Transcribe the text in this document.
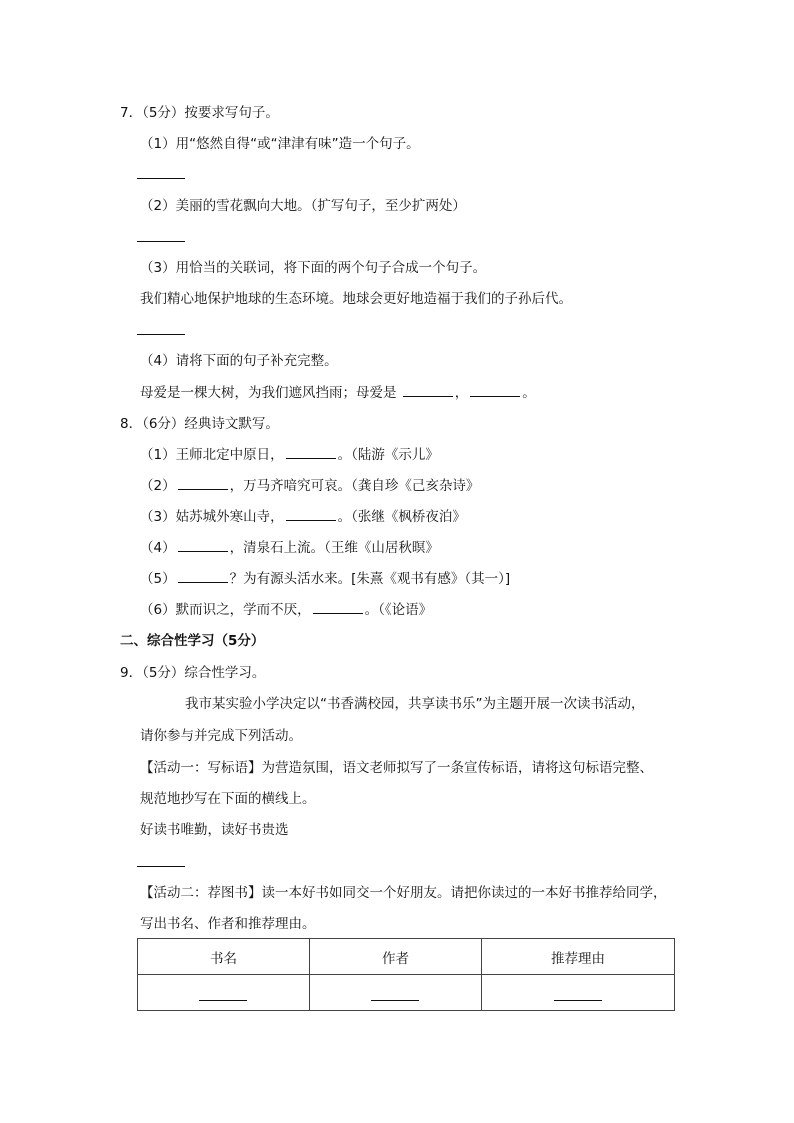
7．（5分）按要求写句子。
（1）用“悠然自得“或“津津有味”造一个句子。
（2）美丽的雪花飘向大地。（扩写句子，至少扩两处）
（3）用恰当的关联词，将下面的两个句子合成一个句子。
我们精心地保护地球的生态环境。地球会更好地造福于我们的子孙后代。
（4）请将下面的句子补充完整。
母爱是一棵大树，为我们遮风挡雨；母爱是	，	。
8．（6分）经典诗文默写。
（1）王师北定中原日，	。（陆游《示儿》
（2）	，万马齐喑究可哀。（龚自珍《己亥杂诗》
（3）姑苏城外寒山寺，	。（张继《枫桥夜泊》
（4）	，清泉石上流。（王维《山居秋暝》
（5）	？为有源头活水来。[朱熹《观书有感》（其一）]
（6）默而识之，学而不厌，	。（《论语》
二、综合性学习（5分）
9．（5分）综合性学习。
我市某实验小学决定以“书香满校园，共享读书乐”为主题开展一次读书活动，
请你参与并完成下列活动。
【活动一：写标语】为营造氛围，语文老师拟写了一条宣传标语，请将这句标语完整、
规范地抄写在下面的横线上。
好读书唯勤，读好书贵选
【活动二：荐图书】读一本好书如同交一个好朋友。请把你读过的一本好书推荐给同学，
写出书名、作者和推荐理由。
书名	作者	推荐理由
